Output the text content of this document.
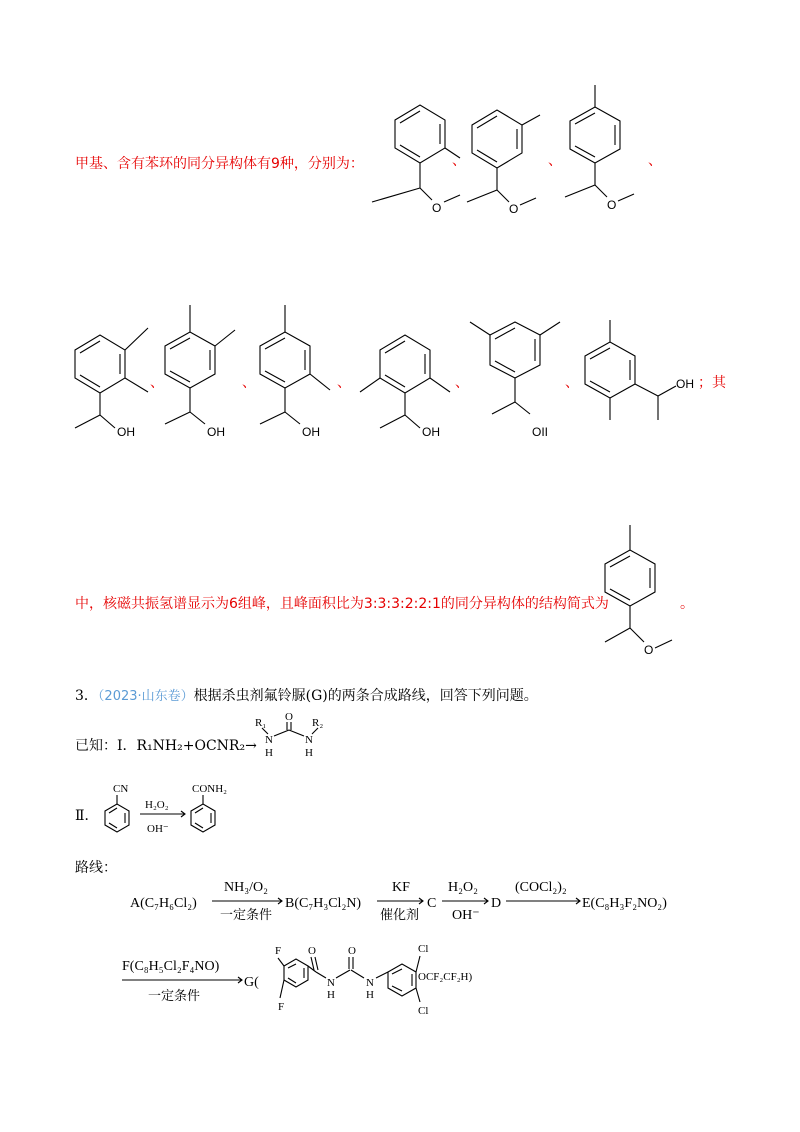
甲基、含有苯环的同分异构体有9种，分别为：
O
、
O
、
O
、
OH
、
OH
、
OH
、
OH
、
OII
、	OH ；其
中，核磁共振氢谱显示为6组峰，且峰面积比为3:3:3:2:2:1的同分异构体的结构简式为
O
。
3．（2023·山东卷）根据杀虫剂氟铃脲(G)的两条合成路线，回答下列问题。
已知：Ⅰ．R₁NH₂+OCNR₂→
R₁	R₂
O
N	N
H	H
Ⅱ．
CN
H₂O₂
OH⁻
CONH₂
路线：
A(C₇H₆Cl₂)
NH₃/O₂
一定条件
B(C₇H₃Cl₂N)
KF
催化剂
C
H₂O₂
OH⁻
D
(COCl₂)₂
E(C₈H₃F₂NO₂)
F(C₈H₅Cl₂F₄NO)
一定条件
G(
F O	O
N
H
N
H
F
Cl
OCF₂CF₂H)
Cl
